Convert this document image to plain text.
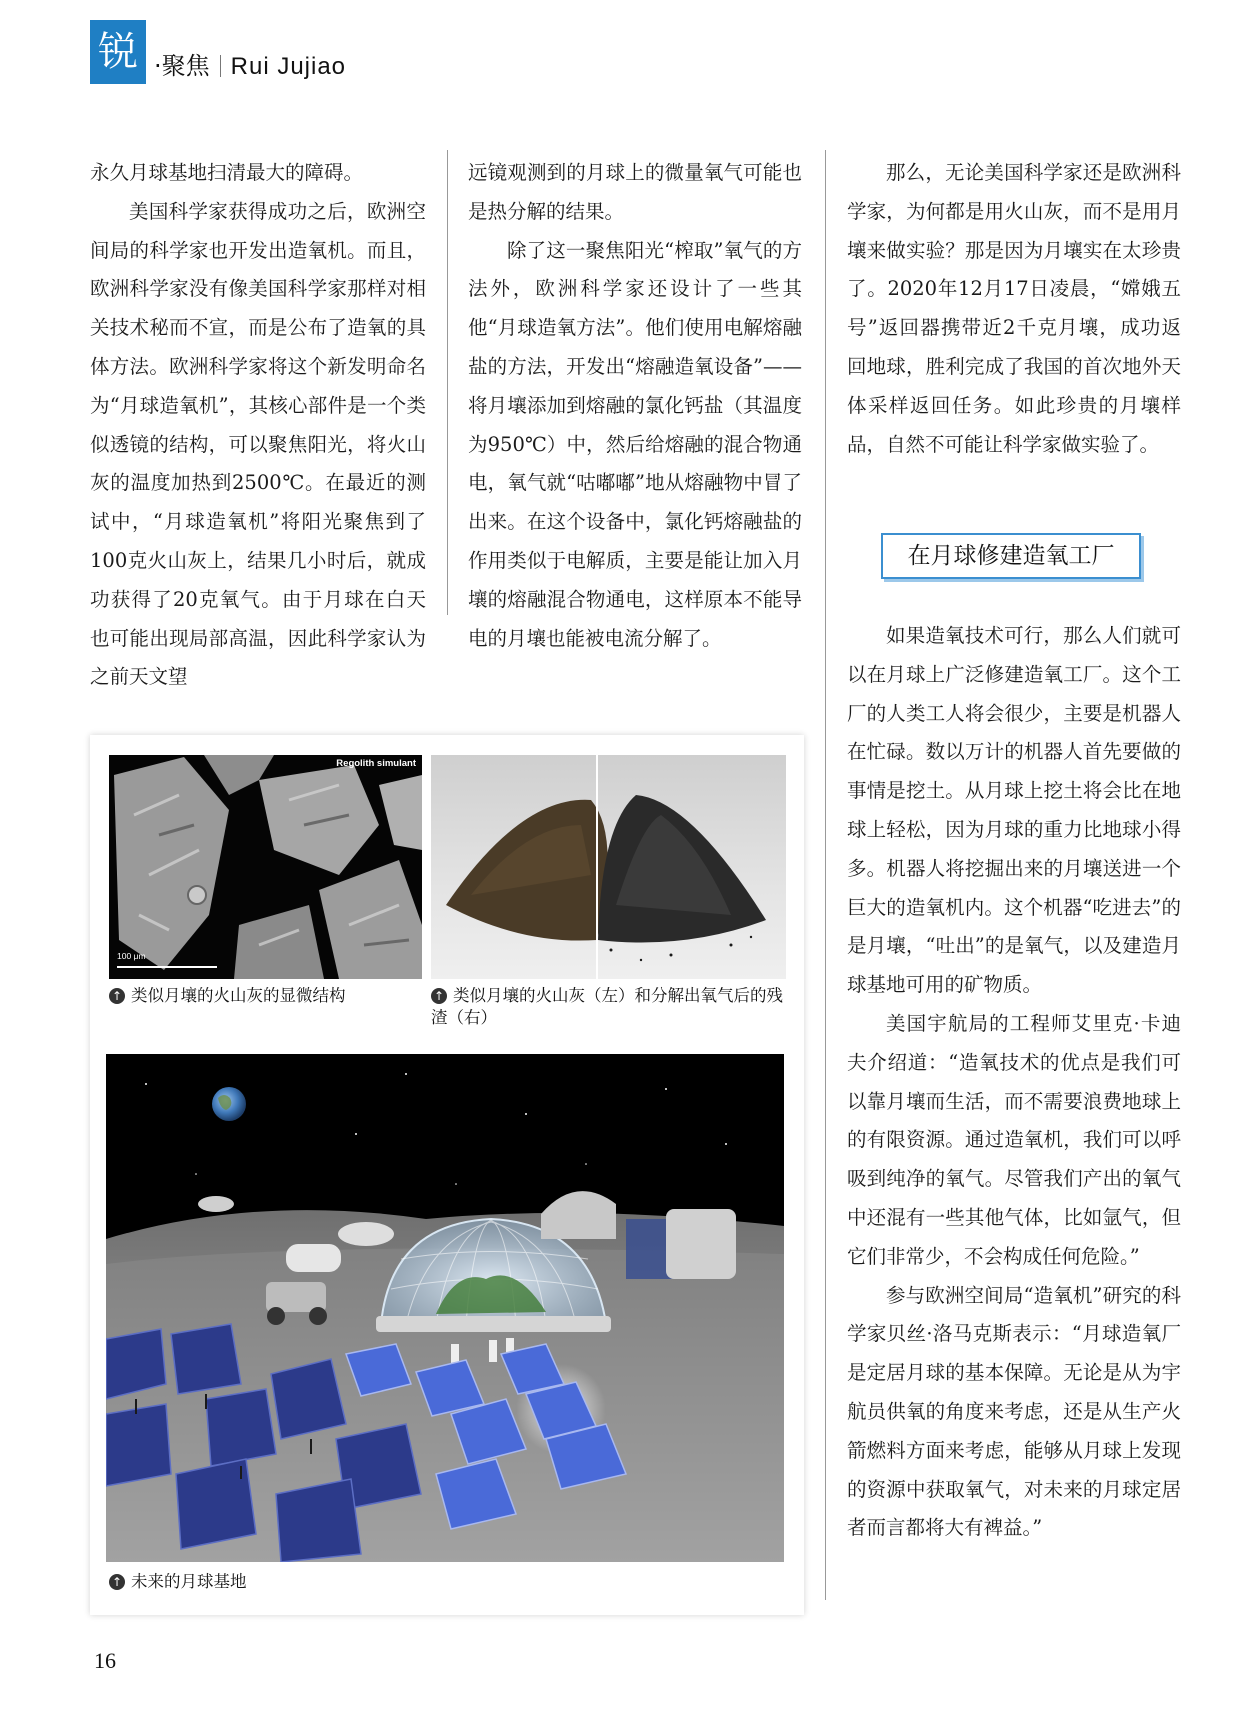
锐 ·聚焦 Rui Jujiao

永久月球基地扫清最大的障碍。

美国科学家获得成功之后，欧洲空间局的科学家也开发出造氧机。而且，欧洲科学家没有像美国科学家那样对相关技术秘而不宣，而是公布了造氧的具体方法。欧洲科学家将这个新发明命名为“月球造氧机”，其核心部件是一个类似透镜的结构，可以聚焦阳光，将火山灰的温度加热到2500℃。在最近的测试中，“月球造氧机”将阳光聚焦到了100克火山灰上，结果几小时后，就成功获得了20克氧气。由于月球在白天也可能出现局部高温，因此科学家认为之前天文望

远镜观测到的月球上的微量氧气可能也是热分解的结果。

除了这一聚焦阳光“榨取”氧气的方法外，欧洲科学家还设计了一些其他“月球造氧方法”。他们使用电解熔融盐的方法，开发出“熔融造氧设备”——将月壤添加到熔融的氯化钙盐（其温度为950℃）中，然后给熔融的混合物通电，氧气就“咕嘟嘟”地从熔融物中冒了出来。在这个设备中，氯化钙熔融盐的作用类似于电解质，主要是能让加入月壤的熔融混合物通电，这样原本不能导电的月壤也能被电流分解了。

那么，无论美国科学家还是欧洲科学家，为何都是用火山灰，而不是用月壤来做实验？那是因为月壤实在太珍贵了。2020年12月17日凌晨，“嫦娥五号”返回器携带近2千克月壤，成功返回地球，胜利完成了我国的首次地外天体采样返回任务。如此珍贵的月壤样品，自然不可能让科学家做实验了。

在月球修建造氧工厂

如果造氧技术可行，那么人们就可以在月球上广泛修建造氧工厂。这个工厂的人类工人将会很少，主要是机器人在忙碌。数以万计的机器人首先要做的事情是挖土。从月球上挖土将会比在地球上轻松，因为月球的重力比地球小得多。机器人将挖掘出来的月壤送进一个巨大的造氧机内。这个机器“吃进去”的是月壤，“吐出”的是氧气，以及建造月球基地可用的矿物质。

美国宇航局的工程师艾里克·卡迪夫介绍道：“造氧技术的优点是我们可以靠月壤而生活，而不需要浪费地球上的有限资源。通过造氧机，我们可以呼吸到纯净的氧气。尽管我们产出的氧气中还混有一些其他气体，比如氩气，但它们非常少，不会构成任何危险。”

参与欧洲空间局“造氧机”研究的科学家贝丝·洛马克斯表示：“月球造氧厂是定居月球的基本保障。无论是从为宇航员供氧的角度来考虑，还是从生产火箭燃料方面来考虑，能够从月球上发现的资源中获取氧气，对未来的月球定居者而言都将大有裨益。”

Regolith simulant
100 μm
↑ 类似月壤的火山灰的显微结构	↑ 类似月壤的火山灰（左）和分解出氧气后的残渣（右）
↑ 未来的月球基地
16
